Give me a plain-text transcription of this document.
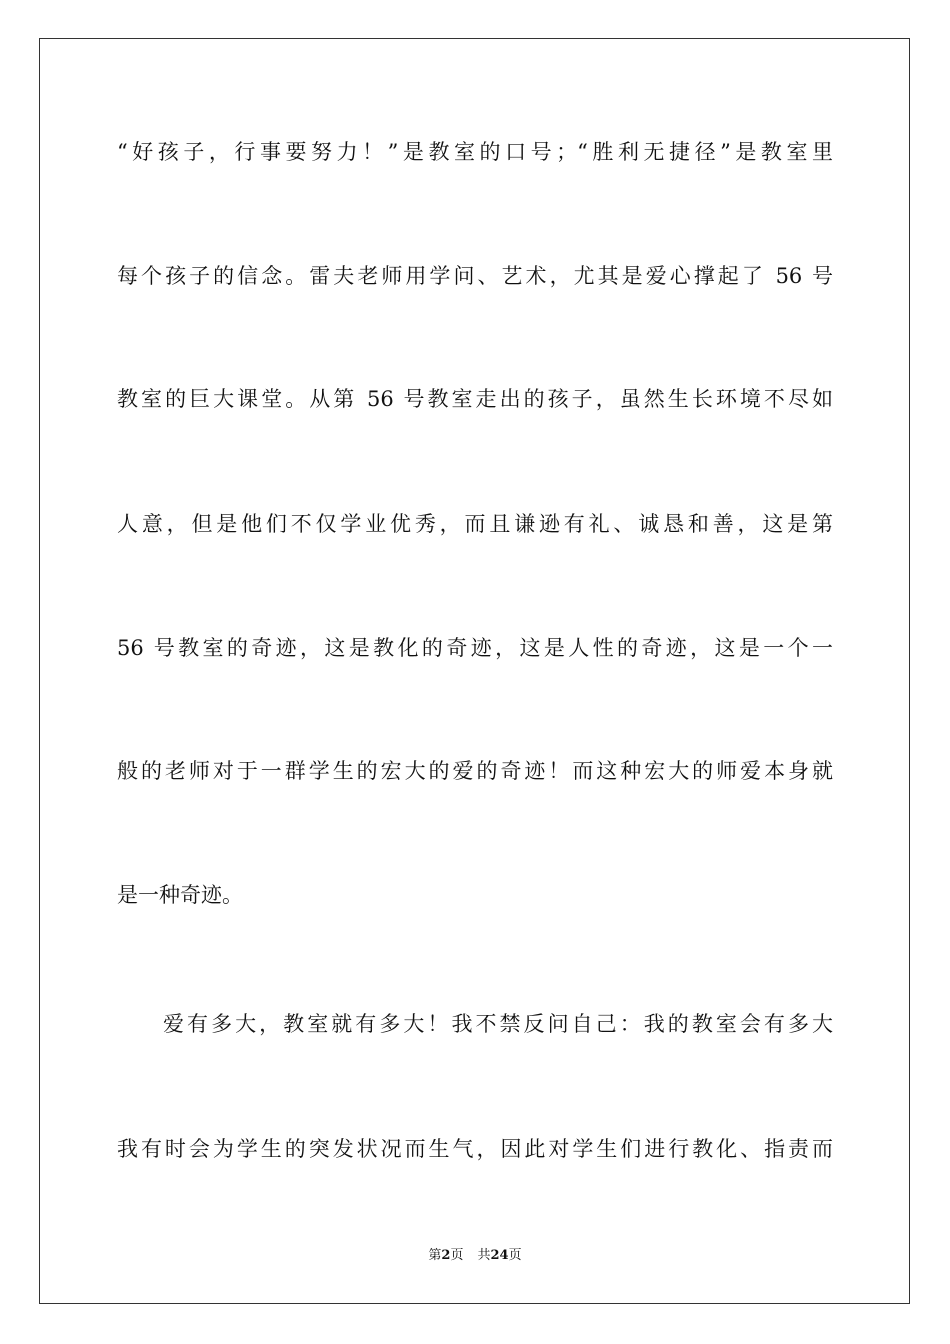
“好孩子，行事要努力！”是教室的口号；“胜利无捷径”是教室里
每个孩子的信念。雷夫老师用学问、艺术，尤其是爱心撑起了 56 号
教室的巨大课堂。从第 56 号教室走出的孩子，虽然生长环境不尽如
人意，但是他们不仅学业优秀，而且谦逊有礼、诚恳和善，这是第
56 号教室的奇迹，这是教化的奇迹，这是人性的奇迹，这是一个一
般的老师对于一群学生的宏大的爱的奇迹！而这种宏大的师爱本身就
是一种奇迹。
爱有多大，教室就有多大！我不禁反问自己：我的教室会有多大
我有时会为学生的突发状况而生气，因此对学生们进行教化、指责而
第2页 共24页
